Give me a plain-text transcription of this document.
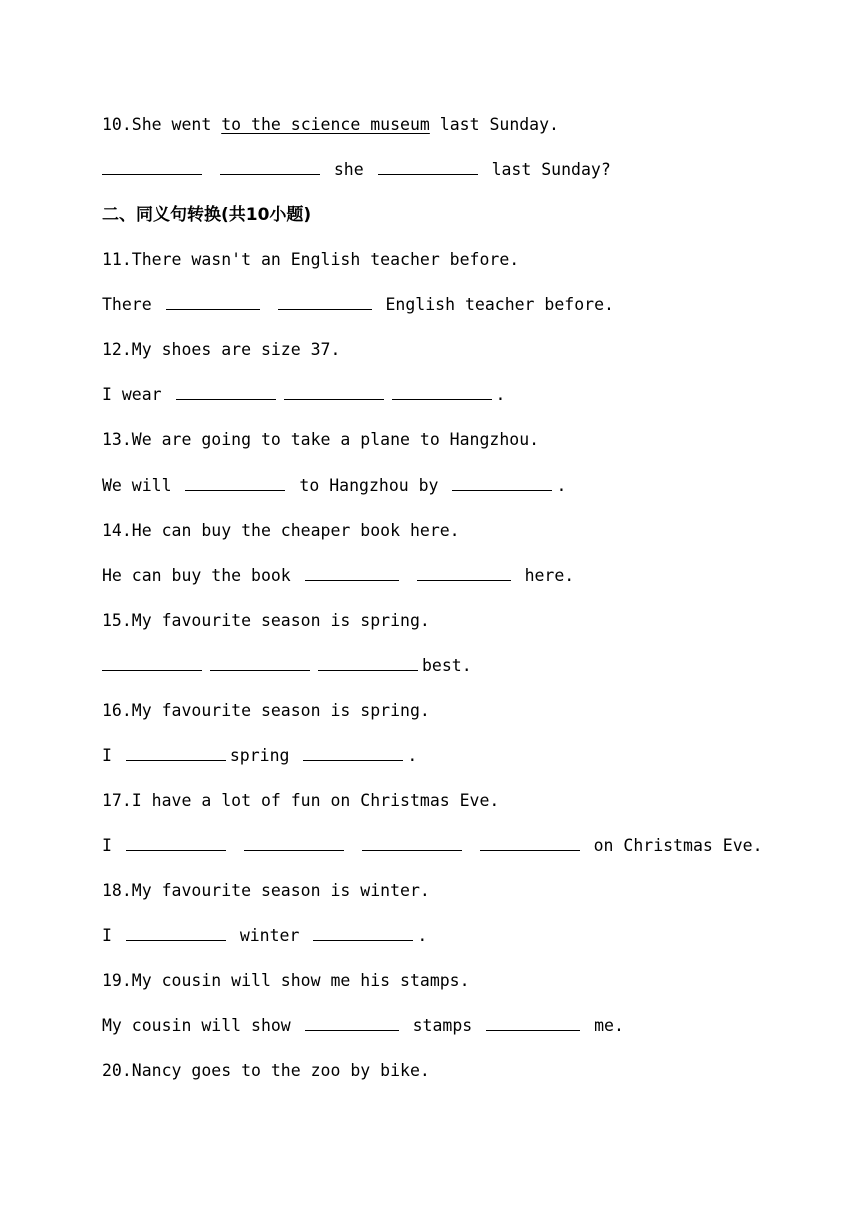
10.She went to the science museum last Sunday.
she	last Sunday?
二、同义句转换(共10小题)
11.There wasn't an English teacher before.
There	English teacher before.
12.My shoes are size 37.
I wear	.
13.We are going to take a plane to Hangzhou.
We will	to Hangzhou by	.
14.He can buy the cheaper book here.
He can buy the book	here.
15.My favourite season is spring.
best.
16.My favourite season is spring.
I	spring	.
17.I have a lot of fun on Christmas Eve.
I	on Christmas Eve.
18.My favourite season is winter.
I	winter	.
19.My cousin will show me his stamps.
My cousin will show	stamps	me.
20.Nancy goes to the zoo by bike.
